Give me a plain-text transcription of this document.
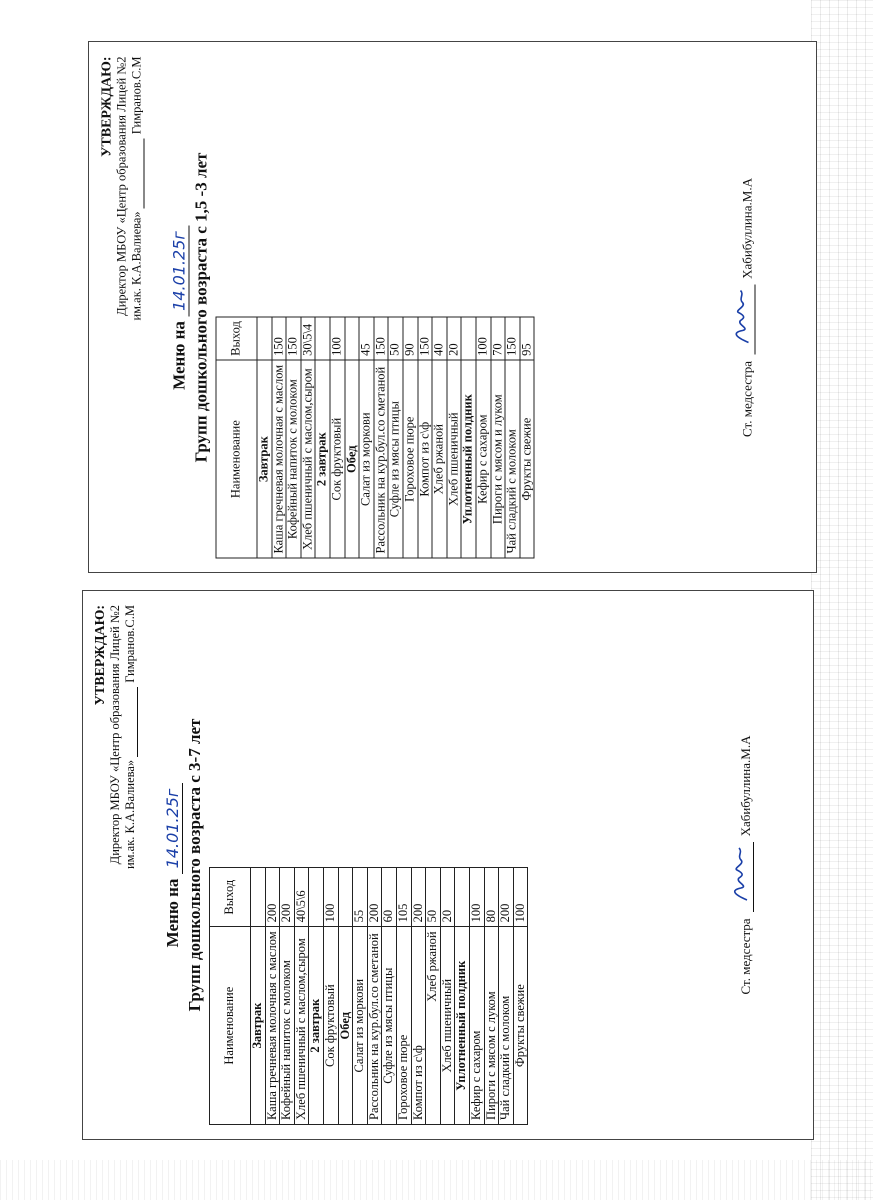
УТВЕРЖДАЮ: Директор МБОУ «Центр образования Лицей №2 им.ак. К.А.Валиева» Гимранов.С.М
Меню на 14.01.25г Групп дошкольного возраста с 1,5 -3 лет Наименование	Выход
Завтрак	
Каша гречневая молочная с маслом	150
Кофейный напиток с молоком	150
Хлеб пшеничный с маслом,сыром	30\5\4
2 завтрак	
Сок фруктовый	100
Обед	
Салат из моркови	45
Рассольник на кур.бул.со сметаной	150
Суфле из мясы птицы	50
Гороховое пюре	90
Компот из с\ф	150
Хлеб ржаной	40
Хлеб пшеничный	20
Уплотненный полдник	
Кефир с сахаром	100
Пироги с мясом и луком	70
Чай сладкий с молоком	150
Фрукты свежие	95
Ст. медсестра
Хабибуллина.М.А
УТВЕРЖДАЮ: Директор МБОУ «Центр образования Лицей №2 им.ак. К.А.Валиева» Гимранов.С.М
Меню на 14.01.25г Групп дошкольного возраста с 3-7 лет
Наименование	Выход
Завтрак	
Каша гречневая молочная с маслом	200
Кофейный напиток с молоком	200
Хлеб пшеничный с маслом,сыром	40\5\6
2 завтрак	
Сок фруктовый	100
Обед	
Салат из моркови	55
Рассольник на кур.бул.со сметаной	200
Суфле из мясы птицы	60
Гороховое пюре	105
Компот из с\ф	200
Хлеб ржаной	50
Хлеб пшеничный	20
Уплотненный полдник	
Кефир с сахаром	100
Пироги с мясом с луком	80
Чай сладкий с молоком	200
Фрукты свежие	100
Ст. медсестра
Хабибуллина.М.А
